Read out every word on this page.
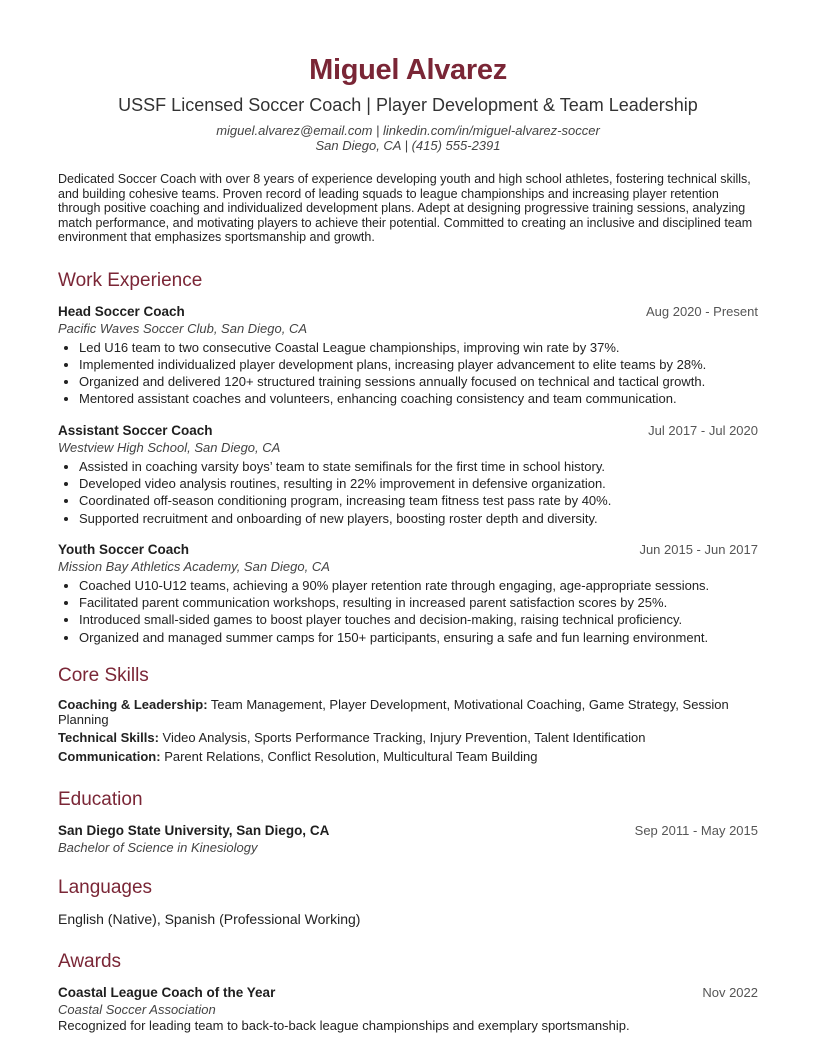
Miguel Alvarez
USSF Licensed Soccer Coach | Player Development & Team Leadership
miguel.alvarez@email.com | linkedin.com/in/miguel-alvarez-soccer
San Diego, CA | (415) 555-2391
Dedicated Soccer Coach with over 8 years of experience developing youth and high school athletes, fostering technical skills, and building cohesive teams. Proven record of leading squads to league championships and increasing player retention through positive coaching and individualized development plans. Adept at designing progressive training sessions, analyzing match performance, and motivating players to achieve their potential. Committed to creating an inclusive and disciplined team environment that emphasizes sportsmanship and growth.
Work Experience
Head Soccer Coach	Aug 2020 - Present
Pacific Waves Soccer Club, San Diego, CA
• Led U16 team to two consecutive Coastal League championships, improving win rate by 37%.
• Implemented individualized player development plans, increasing player advancement to elite teams by 28%.
• Organized and delivered 120+ structured training sessions annually focused on technical and tactical growth.
• Mentored assistant coaches and volunteers, enhancing coaching consistency and team communication.
Assistant Soccer Coach	Jul 2017 - Jul 2020
Westview High School, San Diego, CA
• Assisted in coaching varsity boys’ team to state semifinals for the first time in school history.
• Developed video analysis routines, resulting in 22% improvement in defensive organization.
• Coordinated off-season conditioning program, increasing team fitness test pass rate by 40%.
• Supported recruitment and onboarding of new players, boosting roster depth and diversity.
Youth Soccer Coach	Jun 2015 - Jun 2017
Mission Bay Athletics Academy, San Diego, CA
• Coached U10-U12 teams, achieving a 90% player retention rate through engaging, age-appropriate sessions.
• Facilitated parent communication workshops, resulting in increased parent satisfaction scores by 25%.
• Introduced small-sided games to boost player touches and decision-making, raising technical proficiency.
• Organized and managed summer camps for 150+ participants, ensuring a safe and fun learning environment.
Core Skills
Coaching & Leadership: Team Management, Player Development, Motivational Coaching, Game Strategy, Session Planning
Technical Skills: Video Analysis, Sports Performance Tracking, Injury Prevention, Talent Identification
Communication: Parent Relations, Conflict Resolution, Multicultural Team Building
Education
San Diego State University, San Diego, CA	Sep 2011 - May 2015
Bachelor of Science in Kinesiology
Languages
English (Native), Spanish (Professional Working)
Awards
Coastal League Coach of the Year	Nov 2022
Coastal Soccer Association
Recognized for leading team to back-to-back league championships and exemplary sportsmanship.
